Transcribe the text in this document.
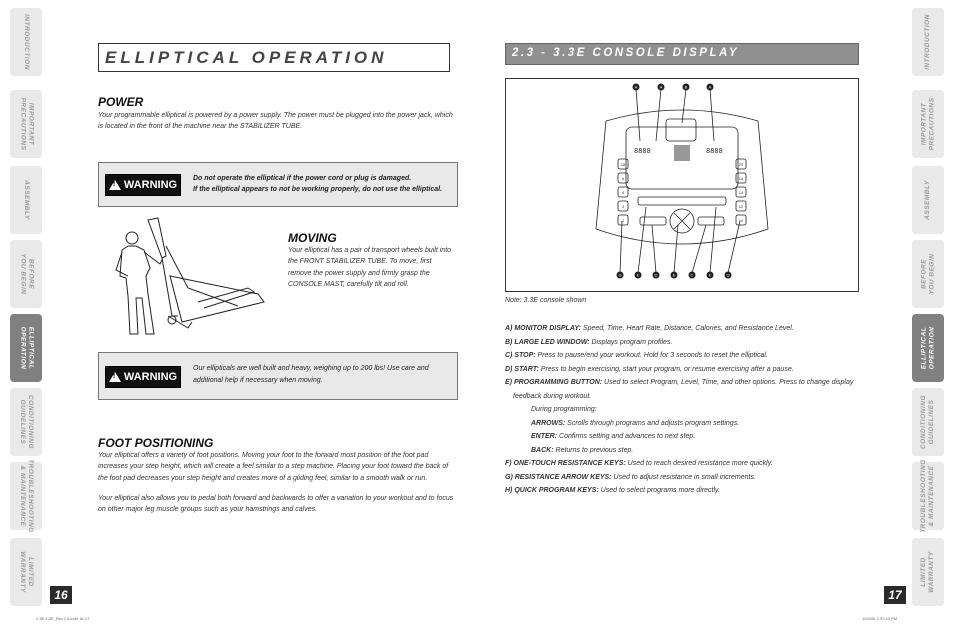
INTRODUCTION
IMPORTANT
PRECAUTIONS
ASSEMBLY
BEFORE
YOU BEGIN
ELLIPTICAL
OPERATION
CONDITIONING
GUIDELINES
TROUBLESHOOTING
& MAINTENANCE
LIMITED
WARRANTY
INTRODUCTION
IMPORTANT
PRECAUTIONS
ASSEMBLY
BEFORE
YOU BEGIN
ELLIPTICAL
OPERATION
CONDITIONING
GUIDELINES
TROUBLESHOOTING
& MAINTENANCE
LIMITED
WARRANTY
16	17
2.3E 4.3E_Rev.1.0.indd 16-17	10/4/06 2:37:43 PM
ELLIPTICAL OPERATION
POWER
Your programmable elliptical is powered by a power supply. The power must be plugged into the power jack, which is located in the front of the machine near the STABILIZER TUBE.
!
WARNING
Do not operate the elliptical if the power cord or plug is damaged.
If the elliptical appears to not be working properly, do not use the elliptical.
MOVING
Your elliptical has a pair of transport wheels built into the FRONT STABILIZER TUBE. To move, first remove the power supply and firmly grasp the CONSOLE MAST, carefully tilt and roll.
!
WARNING
Our ellipticals are well built and heavy, weighing up to 200 lbs! Use care and additional help if necessary when moving.
FOOT POSITIONING
Your elliptical offers a variety of foot positions. Moving your foot to the forward most position of the foot pad increases your step height, which will create a feel similar to a step machine. Placing your foot toward the back of the foot pad decreases your step height and creates more of a gliding feel, similar to a smooth walk or run.
Your elliptical also allows you to pedal both forward and backwards to offer a variation to your workout and to focus on other major leg muscle groups such as your hamstrings and calves.
2.3 - 3.3E CONSOLE DISPLAY
8888	8888
A	A	B	A
G	F	D	E	C	F	G
18
6
4
3
2
20
16
14
12
10
Note: 3.3E console shown
A) MONITOR DISPLAY: Speed, Time, Heart Rate, Distance, Calories, and Resistance Level.
B) LARGE LED WINDOW: Displays program profiles.
C) STOP: Press to pause/end your workout. Hold for 3 seconds to reset the elliptical.
D) START: Press to begin exercising, start your program, or resume exercising after a pause.
E) PROGRAMMING BUTTON: Used to select Program, Level, Time, and other options. Press to change display
feedback during workout.
During programming:
ARROWS: Scrolls through programs and adjusts program settings.
ENTER: Confirms setting and advances to next step.
BACK: Returns to previous step.
F) ONE-TOUCH RESISTANCE KEYS: Used to reach desired resistance more quickly.
G) RESISTANCE ARROW KEYS: Used to adjust resistance in small increments.
H) QUICK PROGRAM KEYS: Used to select programs more directly.
